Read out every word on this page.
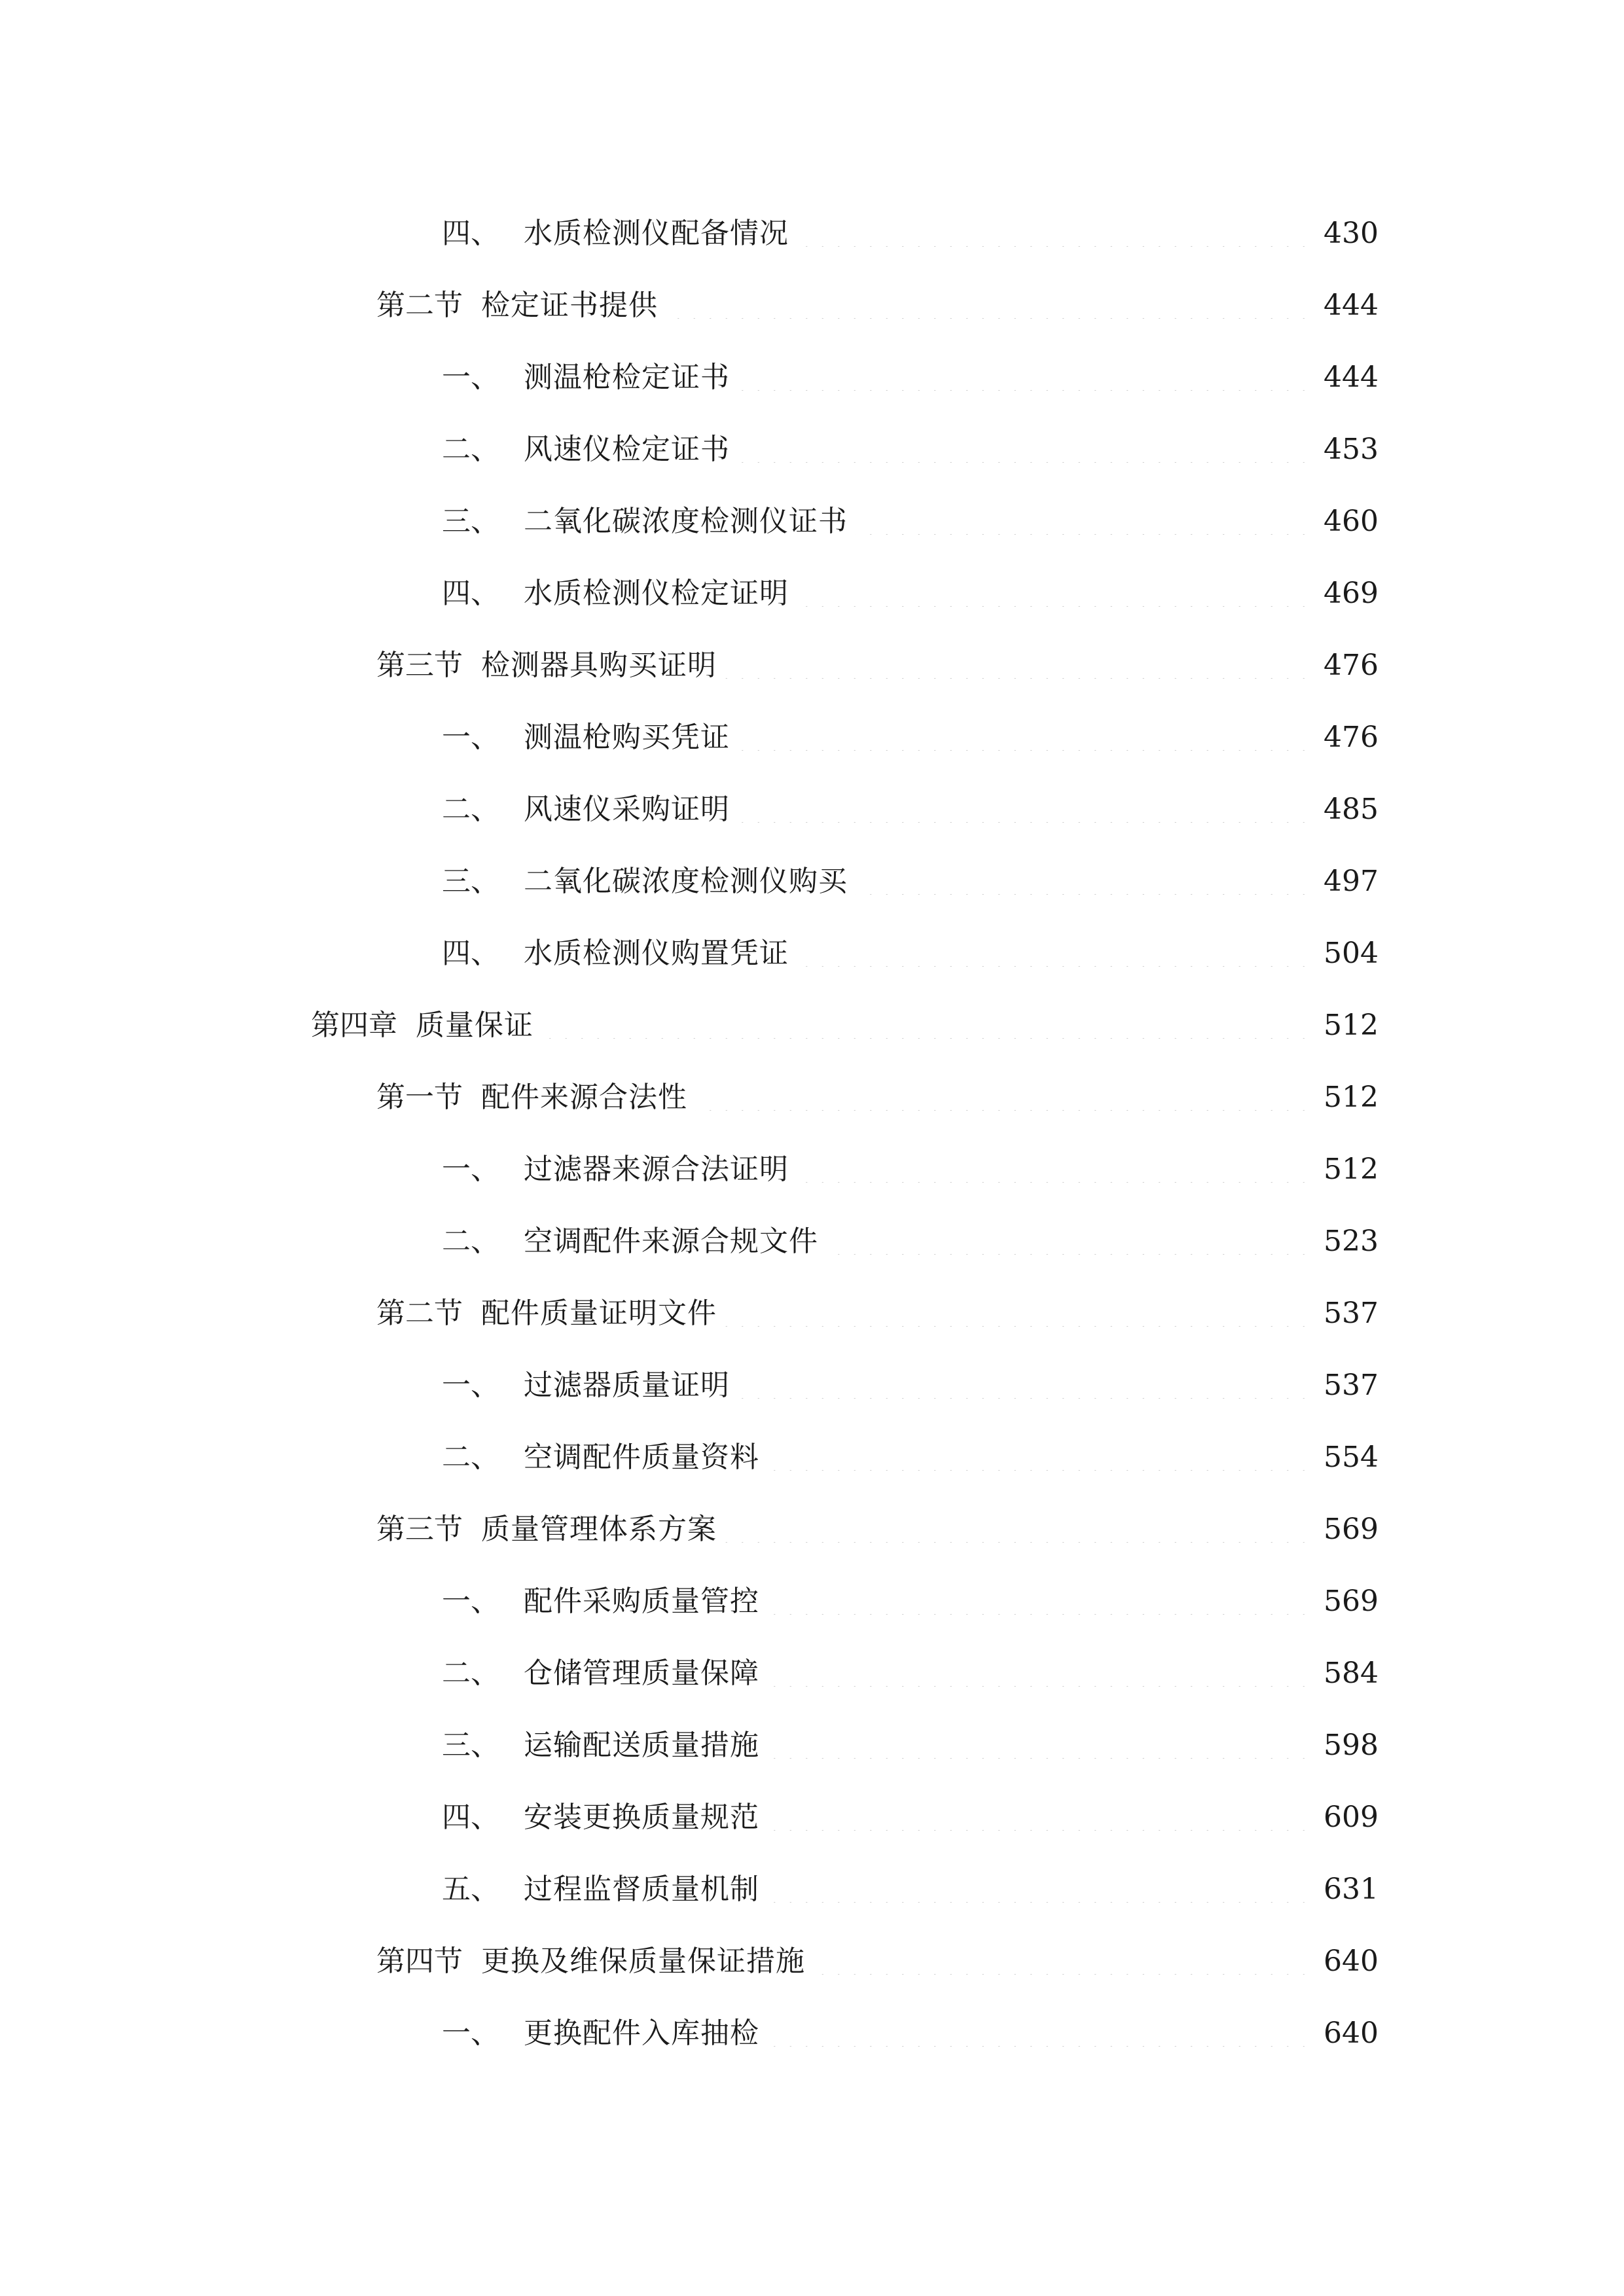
四、 水质检测仪配备情况	430
第二节 检定证书提供	444
一、 测温枪检定证书	444
二、 风速仪检定证书	453
三、 二氧化碳浓度检测仪证书	460
四、 水质检测仪检定证明	469
第三节 检测器具购买证明	476
一、 测温枪购买凭证	476
二、 风速仪采购证明	485
三、 二氧化碳浓度检测仪购买	497
四、 水质检测仪购置凭证	504
第四章 质量保证	512
第一节 配件来源合法性	512
一、 过滤器来源合法证明	512
二、 空调配件来源合规文件	523
第二节 配件质量证明文件	537
一、 过滤器质量证明	537
二、 空调配件质量资料	554
第三节 质量管理体系方案	569
一、 配件采购质量管控	569
二、 仓储管理质量保障	584
三、 运输配送质量措施	598
四、 安装更换质量规范	609
五、 过程监督质量机制	631
第四节 更换及维保质量保证措施	640
一、 更换配件入库抽检	640
